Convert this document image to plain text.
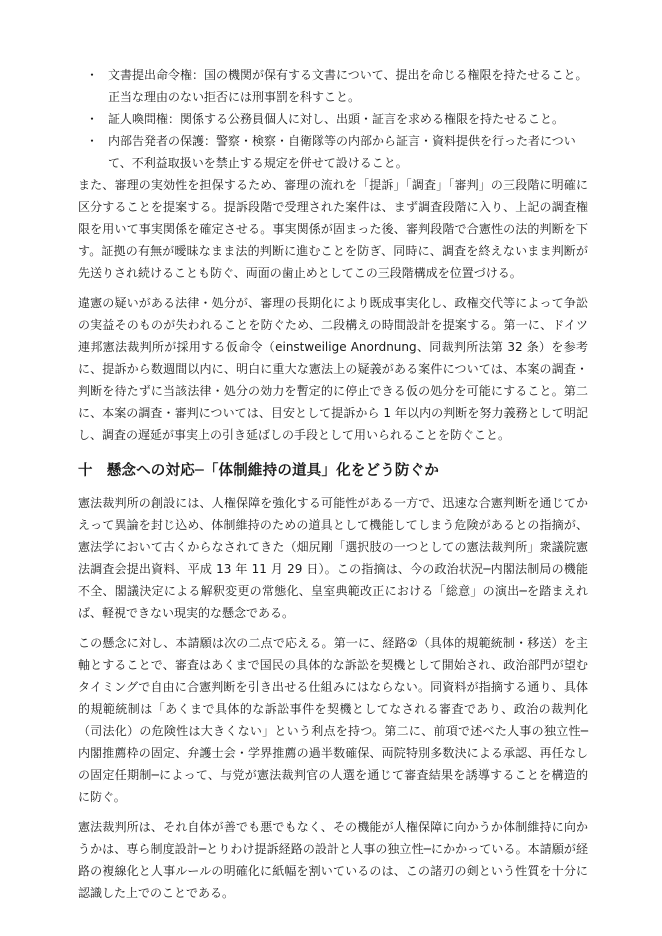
・ 文書提出命令権：国の機関が保有する文書について、提出を命じる権限を持たせること。正当な理由のない拒否には刑事罰を科すこと。
・ 証人喚問権：関係する公務員個人に対し、出頭・証言を求める権限を持たせること。
・ 内部告発者の保護：警察・検察・自衛隊等の内部から証言・資料提供を行った者について、不利益取扱いを禁止する規定を併せて設けること。

また、審理の実効性を担保するため、審理の流れを「提訴」「調査」「審判」の三段階に明確に区分することを提案する。提訴段階で受理された案件は、まず調査段階に入り、上記の調査権限を用いて事実関係を確定させる。事実関係が固まった後、審判段階で合憲性の法的判断を下す。証拠の有無が曖昧なまま法的判断に進むことを防ぎ、同時に、調査を終えないまま判断が先送りされ続けることも防ぐ、両面の歯止めとしてこの三段階構成を位置づける。

違憲の疑いがある法律・処分が、審理の長期化により既成事実化し、政権交代等によって争訟の実益そのものが失われることを防ぐため、二段構えの時間設計を提案する。第一に、ドイツ連邦憲法裁判所が採用する仮命令（einstweilige Anordnung、同裁判所法第 32 条）を参考に、提訴から数週間以内に、明白に重大な憲法上の疑義がある案件については、本案の調査・判断を待たずに当該法律・処分の効力を暫定的に停止できる仮の処分を可能にすること。第二に、本案の調査・審判については、目安として提訴から 1 年以内の判断を努力義務として明記し、調査の遅延が事実上の引き延ばしの手段として用いられることを防ぐこと。

十 懸念への対応─「体制維持の道具」化をどう防ぐか

憲法裁判所の創設には、人権保障を強化する可能性がある一方で、迅速な合憲判断を通じてかえって異論を封じ込め、体制維持のための道具として機能してしまう危険があるとの指摘が、憲法学において古くからなされてきた（畑尻剛「選択肢の一つとしての憲法裁判所」衆議院憲法調査会提出資料、平成 13 年 11 月 29 日）。この指摘は、今の政治状況─内閣法制局の機能不全、閣議決定による解釈変更の常態化、皇室典範改正における「総意」の演出─を踏まえれば、軽視できない現実的な懸念である。

この懸念に対し、本請願は次の二点で応える。第一に、経路②（具体的規範統制・移送）を主軸とすることで、審査はあくまで国民の具体的な訴訟を契機として開始され、政治部門が望むタイミングで自由に合憲判断を引き出せる仕組みにはならない。同資料が指摘する通り、具体的規範統制は「あくまで具体的な訴訟事件を契機としてなされる審査であり、政治の裁判化（司法化）の危険性は大きくない」という利点を持つ。第二に、前項で述べた人事の独立性─内閣推薦枠の固定、弁護士会・学界推薦の過半数確保、両院特別多数決による承認、再任なしの固定任期制─によって、与党が憲法裁判官の人選を通じて審査結果を誘導することを構造的に防ぐ。

憲法裁判所は、それ自体が善でも悪でもなく、その機能が人権保障に向かうか体制維持に向かうかは、専ら制度設計─とりわけ提訴経路の設計と人事の独立性─にかかっている。本請願が経路の複線化と人事ルールの明確化に紙幅を割いているのは、この諸刃の剣という性質を十分に認識した上でのことである。
